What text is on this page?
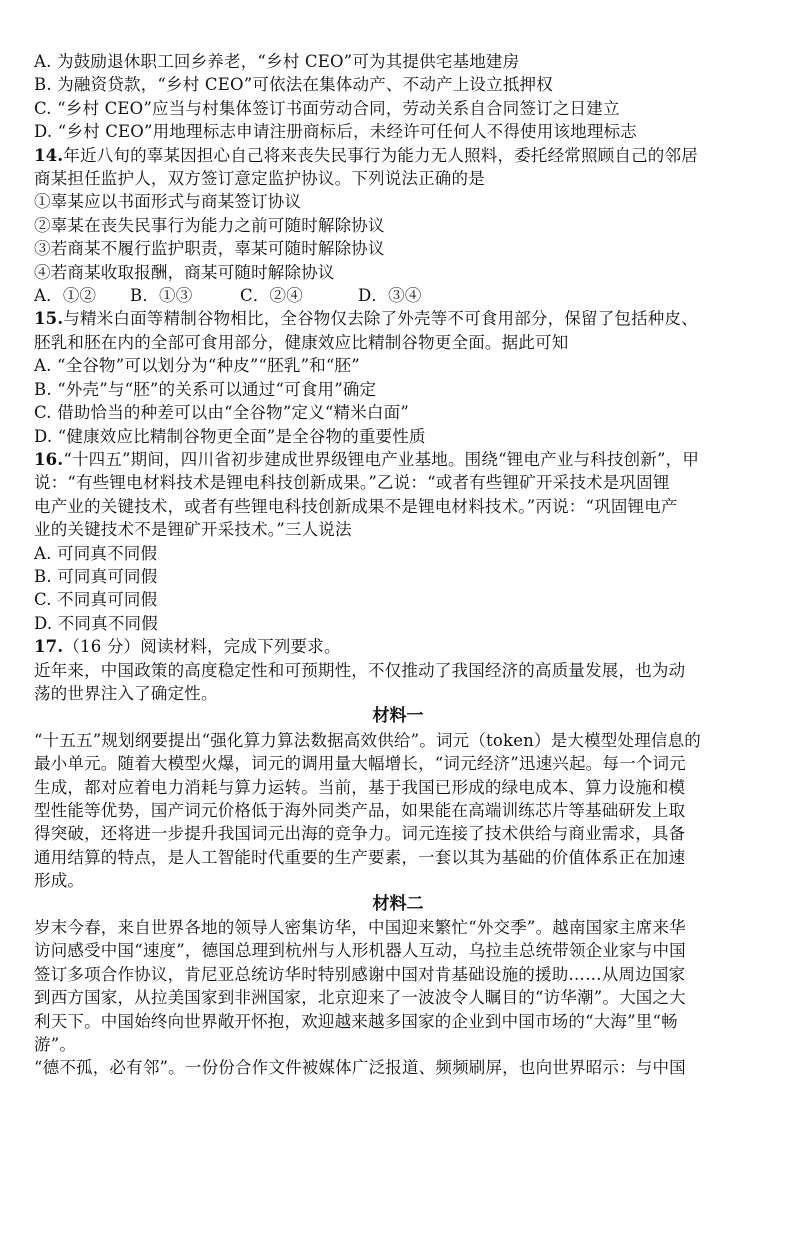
A. 为鼓励退休职工回乡养老，“乡村 CEO”可为其提供宅基地建房
B. 为融资贷款，“乡村 CEO”可依法在集体动产、不动产上设立抵押权
C. “乡村 CEO”应当与村集体签订书面劳动合同，劳动关系自合同签订之日建立
D. “乡村 CEO”用地理标志申请注册商标后，未经许可任何人不得使用该地理标志
14.年近八旬的辜某因担心自己将来丧失民事行为能力无人照料，委托经常照顾自己的邻居
商某担任监护人，双方签订意定监护协议。下列说法正确的是
①辜某应以书面形式与商某签订协议
②辜某在丧失民事行为能力之前可随时解除协议
③若商某不履行监护职责，辜某可随时解除协议
④若商某收取报酬，商某可随时解除协议
A．①②	B．①③	C．②④	D．③④
15.与精米白面等精制谷物相比，全谷物仅去除了外壳等不可食用部分，保留了包括种皮、
胚乳和胚在内的全部可食用部分，健康效应比精制谷物更全面。据此可知
A. “全谷物”可以划分为“种皮”“胚乳”和“胚”
B. “外壳”与“胚”的关系可以通过“可食用”确定
C. 借助恰当的种差可以由“全谷物”定义“精米白面”
D. “健康效应比精制谷物更全面”是全谷物的重要性质
16.“十四五”期间，四川省初步建成世界级锂电产业基地。围绕“锂电产业与科技创新”，甲
说：“有些锂电材料技术是锂电科技创新成果。”乙说：“或者有些锂矿开采技术是巩固锂
电产业的关键技术，或者有些锂电科技创新成果不是锂电材料技术。”丙说：“巩固锂电产
业的关键技术不是锂矿开采技术。”三人说法
A. 可同真不同假
B. 可同真可同假
C. 不同真可同假
D. 不同真不同假
17.（16 分）阅读材料，完成下列要求。
近年来，中国政策的高度稳定性和可预期性，不仅推动了我国经济的高质量发展，也为动
荡的世界注入了确定性。
材料一
“十五五”规划纲要提出“强化算力算法数据高效供给”。词元（token）是大模型处理信息的
最小单元。随着大模型火爆，词元的调用量大幅增长，“词元经济”迅速兴起。每一个词元
生成，都对应着电力消耗与算力运转。当前，基于我国已形成的绿电成本、算力设施和模
型性能等优势，国产词元价格低于海外同类产品，如果能在高端训练芯片等基础研发上取
得突破，还将进一步提升我国词元出海的竞争力。词元连接了技术供给与商业需求，具备
通用结算的特点，是人工智能时代重要的生产要素，一套以其为基础的价值体系正在加速
形成。
材料二
岁末今春，来自世界各地的领导人密集访华，中国迎来繁忙“外交季”。越南国家主席来华
访问感受中国“速度”，德国总理到杭州与人形机器人互动，乌拉圭总统带领企业家与中国
签订多项合作协议，肯尼亚总统访华时特别感谢中国对肯基础设施的援助……从周边国家
到西方国家，从拉美国家到非洲国家，北京迎来了一波波令人瞩目的“访华潮”。大国之大
利天下。中国始终向世界敞开怀抱，欢迎越来越多国家的企业到中国市场的“大海”里“畅
游”。
“德不孤，必有邻”。一份份合作文件被媒体广泛报道、频频刷屏，也向世界昭示：与中国
